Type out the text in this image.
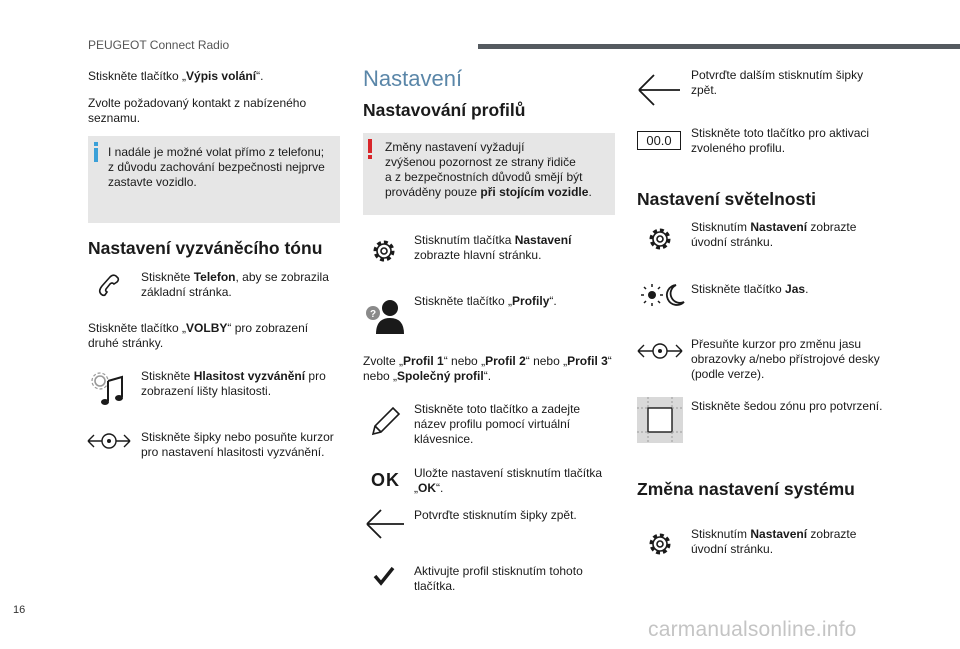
PEUGEOT Connect Radio
Stiskněte tlačítko „Výpis volání“.
Zvolte požadovaný kontakt z nabízeného
seznamu.
I nadále je možné volat přímo z telefonu;
z důvodu zachování bezpečnosti nejprve
zastavte vozidlo.
Nastavení vyzváněcího tónu
Stiskněte Telefon, aby se zobrazila
základní stránka.
Stiskněte tlačítko „VOLBY“ pro zobrazení
druhé stránky.
Stiskněte Hlasitost vyzvánění pro
zobrazení lišty hlasitosti.
Stiskněte šipky nebo posuňte kurzor
pro nastavení hlasitosti vyzvánění.
Nastavení
Nastavování profilů
Změny nastavení vyžadují
zvýšenou pozornost ze strany řidiče
a z bezpečnostních důvodů smějí být
prováděny pouze při stojícím vozidle.
Stisknutím tlačítka Nastavení
zobrazte hlavní stránku.
?
Stiskněte tlačítko „Profily“.
Zvolte „Profil 1“ nebo „Profil 2“ nebo „Profil 3“
nebo „Společný profil“.
Stiskněte toto tlačítko a zadejte
název profilu pomocí virtuální
klávesnice.
OK Uložte nastavení stisknutím tlačítka
„OK“.
Potvrďte stisknutím šipky zpět.
Aktivujte profil stisknutím tohoto
tlačítka.
Potvrďte dalším stisknutím šipky
zpět.
00.0	Stiskněte toto tlačítko pro aktivaci
zvoleného profilu.
Nastavení světelnosti
Stisknutím Nastavení zobrazte
úvodní stránku.
Stiskněte tlačítko Jas.
Přesuňte kurzor pro změnu jasu
obrazovky a/nebo přístrojové desky
(podle verze).
Stiskněte šedou zónu pro potvrzení.
Změna nastavení systému
Stisknutím Nastavení zobrazte
úvodní stránku.
16
carmanualsonline.info
